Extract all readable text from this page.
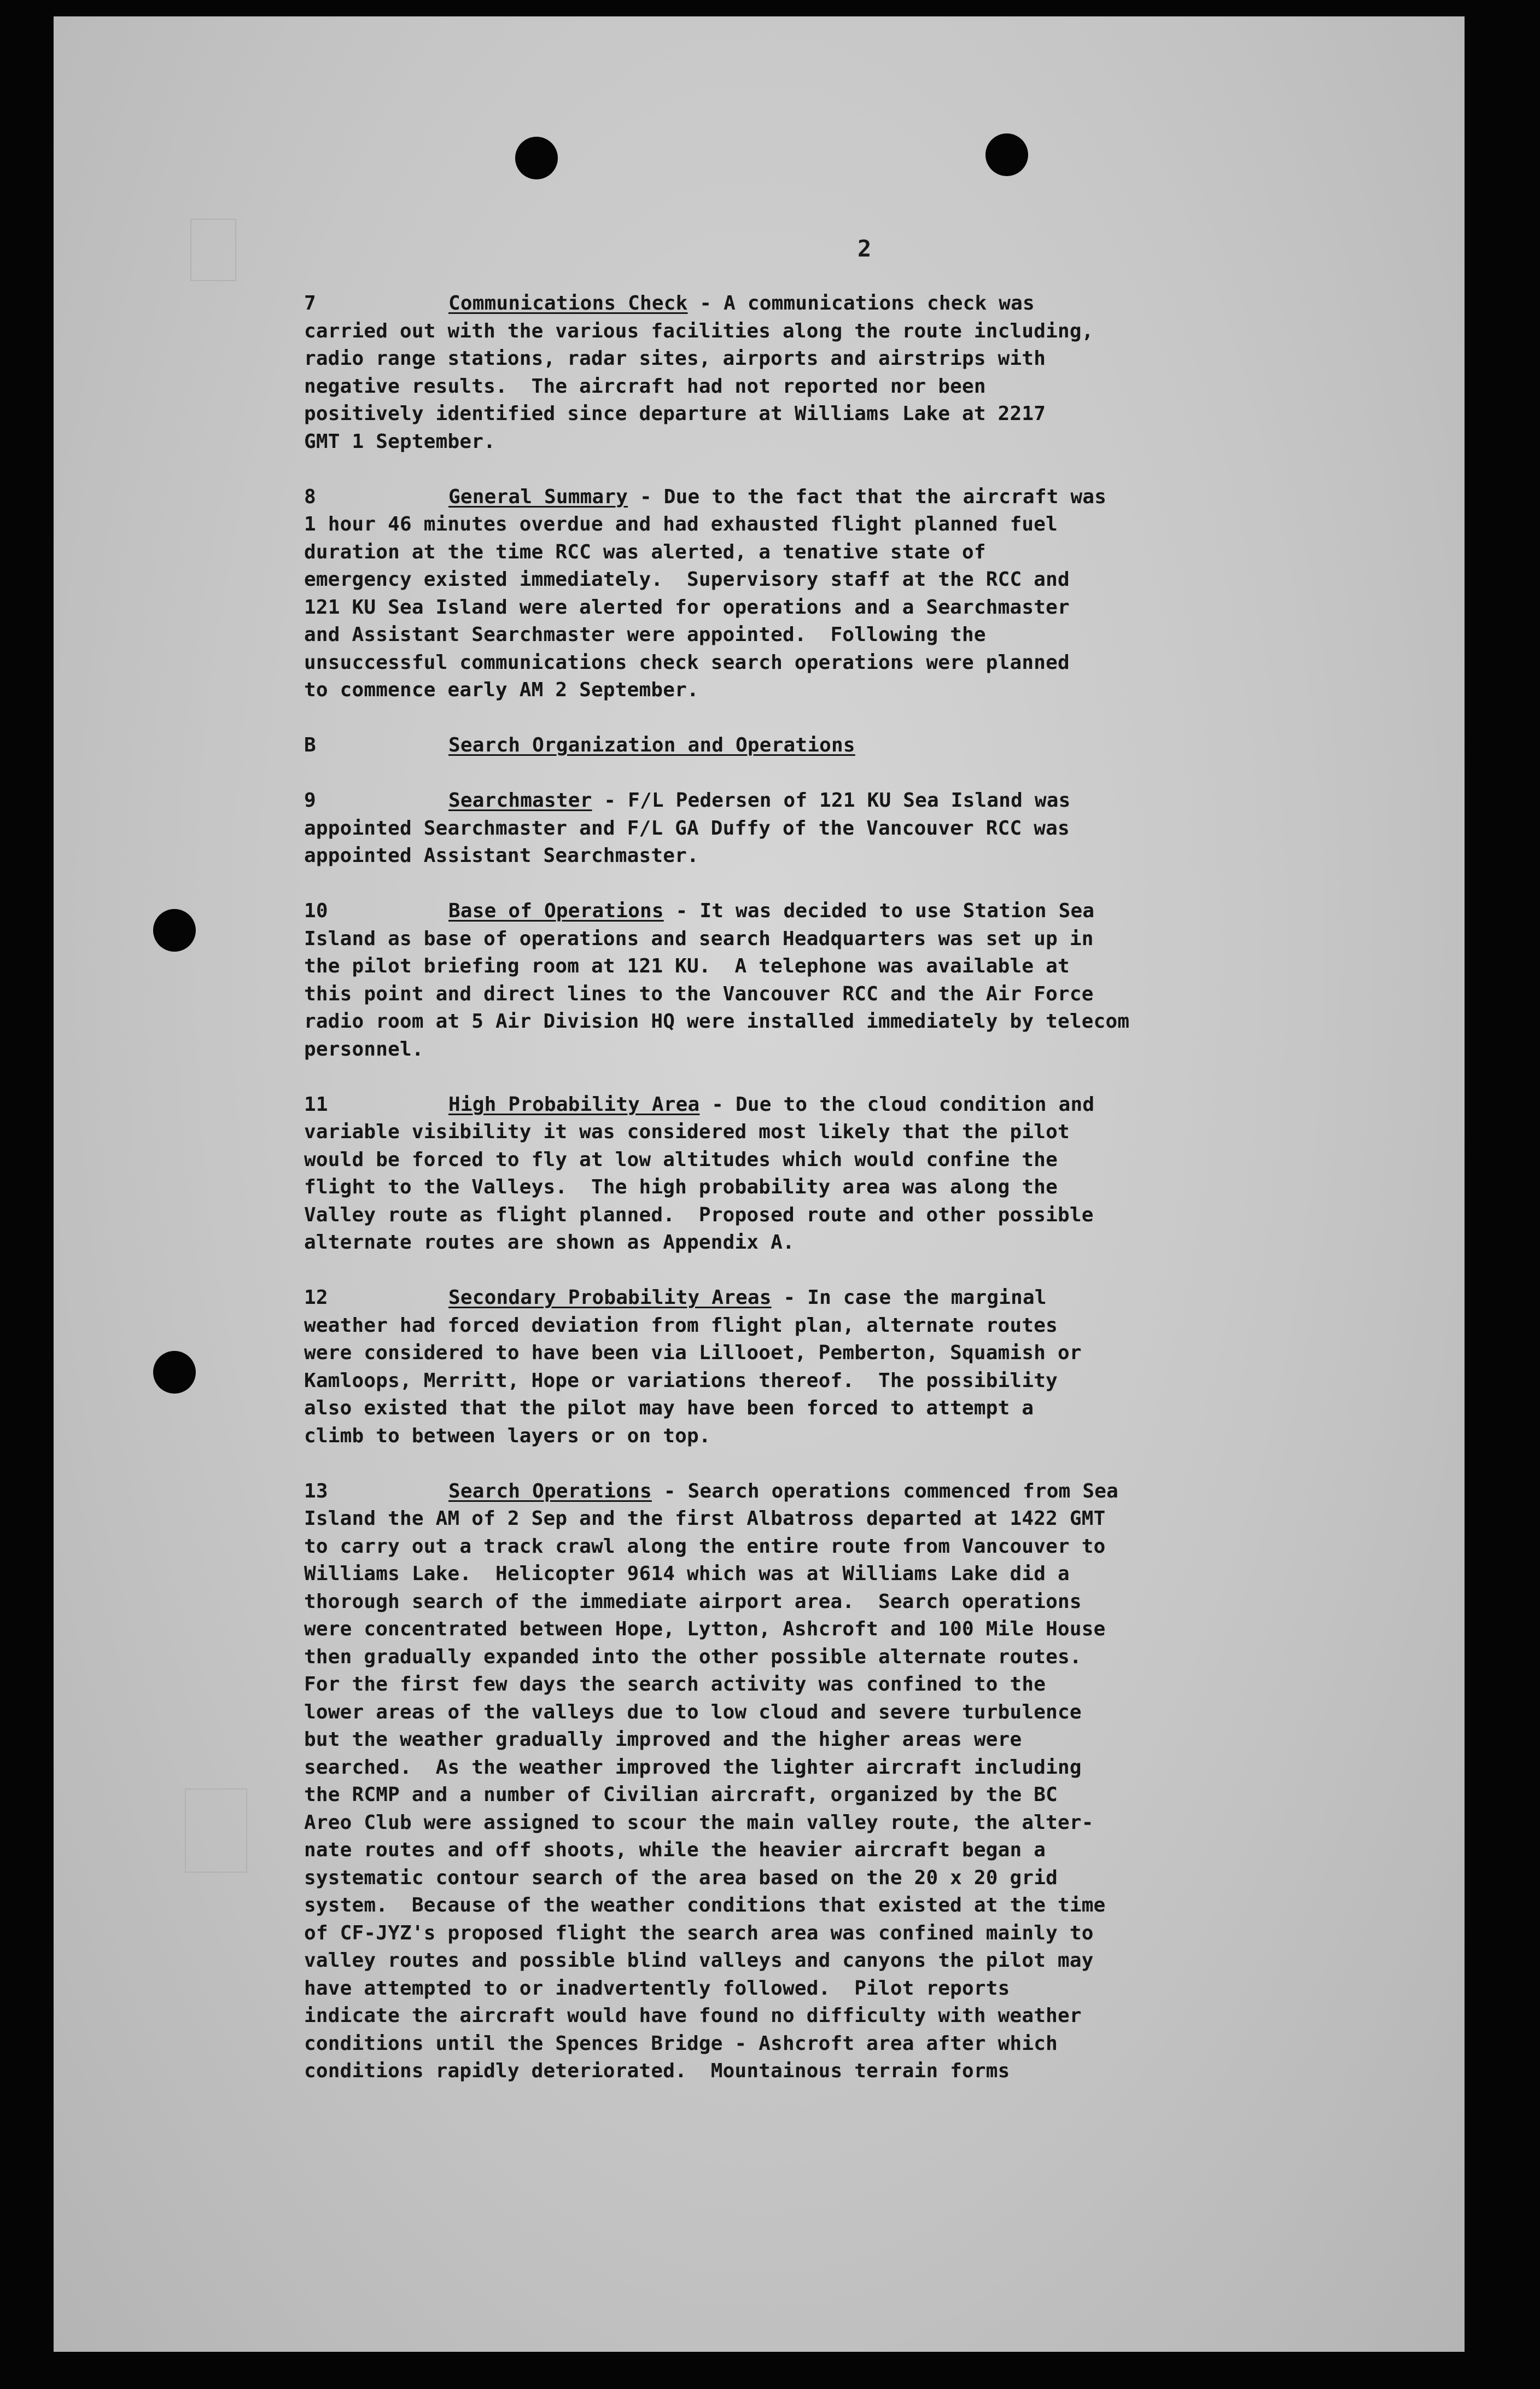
2
7	Communications Check - A communications check was
carried out with the various facilities along the route including,
radio range stations, radar sites, airports and airstrips with
negative results.  The aircraft had not reported nor been
positively identified since departure at Williams Lake at 2217
GMT 1 September.
8	General Summary - Due to the fact that the aircraft was
1 hour 46 minutes overdue and had exhausted flight planned fuel
duration at the time RCC was alerted, a tenative state of
emergency existed immediately.  Supervisory staff at the RCC and
121 KU Sea Island were alerted for operations and a Searchmaster
and Assistant Searchmaster were appointed.  Following the
unsuccessful communications check search operations were planned
to commence early AM 2 September.
B	Search Organization and Operations
9	Searchmaster - F/L Pedersen of 121 KU Sea Island was
appointed Searchmaster and F/L GA Duffy of the Vancouver RCC was
appointed Assistant Searchmaster.
10	Base of Operations - It was decided to use Station Sea
Island as base of operations and search Headquarters was set up in
the pilot briefing room at 121 KU.  A telephone was available at
this point and direct lines to the Vancouver RCC and the Air Force
radio room at 5 Air Division HQ were installed immediately by telecom
personnel.
11	High Probability Area - Due to the cloud condition and
variable visibility it was considered most likely that the pilot
would be forced to fly at low altitudes which would confine the
flight to the Valleys.  The high probability area was along the
Valley route as flight planned.  Proposed route and other possible
alternate routes are shown as Appendix A.
12	Secondary Probability Areas - In case the marginal
weather had forced deviation from flight plan, alternate routes
were considered to have been via Lillooet, Pemberton, Squamish or
Kamloops, Merritt, Hope or variations thereof.  The possibility
also existed that the pilot may have been forced to attempt a
climb to between layers or on top.
13	Search Operations - Search operations commenced from Sea
Island the AM of 2 Sep and the first Albatross departed at 1422 GMT
to carry out a track crawl along the entire route from Vancouver to
Williams Lake.  Helicopter 9614 which was at Williams Lake did a
thorough search of the immediate airport area.  Search operations
were concentrated between Hope, Lytton, Ashcroft and 100 Mile House
then gradually expanded into the other possible alternate routes.
For the first few days the search activity was confined to the
lower areas of the valleys due to low cloud and severe turbulence
but the weather gradually improved and the higher areas were
searched.  As the weather improved the lighter aircraft including
the RCMP and a number of Civilian aircraft, organized by the BC
Areo Club were assigned to scour the main valley route, the alter-
nate routes and off shoots, while the heavier aircraft began a
systematic contour search of the area based on the 20 x 20 grid
system.  Because of the weather conditions that existed at the time
of CF-JYZ's proposed flight the search area was confined mainly to
valley routes and possible blind valleys and canyons the pilot may
have attempted to or inadvertently followed.  Pilot reports
indicate the aircraft would have found no difficulty with weather
conditions until the Spences Bridge - Ashcroft area after which
conditions rapidly deteriorated.  Mountainous terrain forms
